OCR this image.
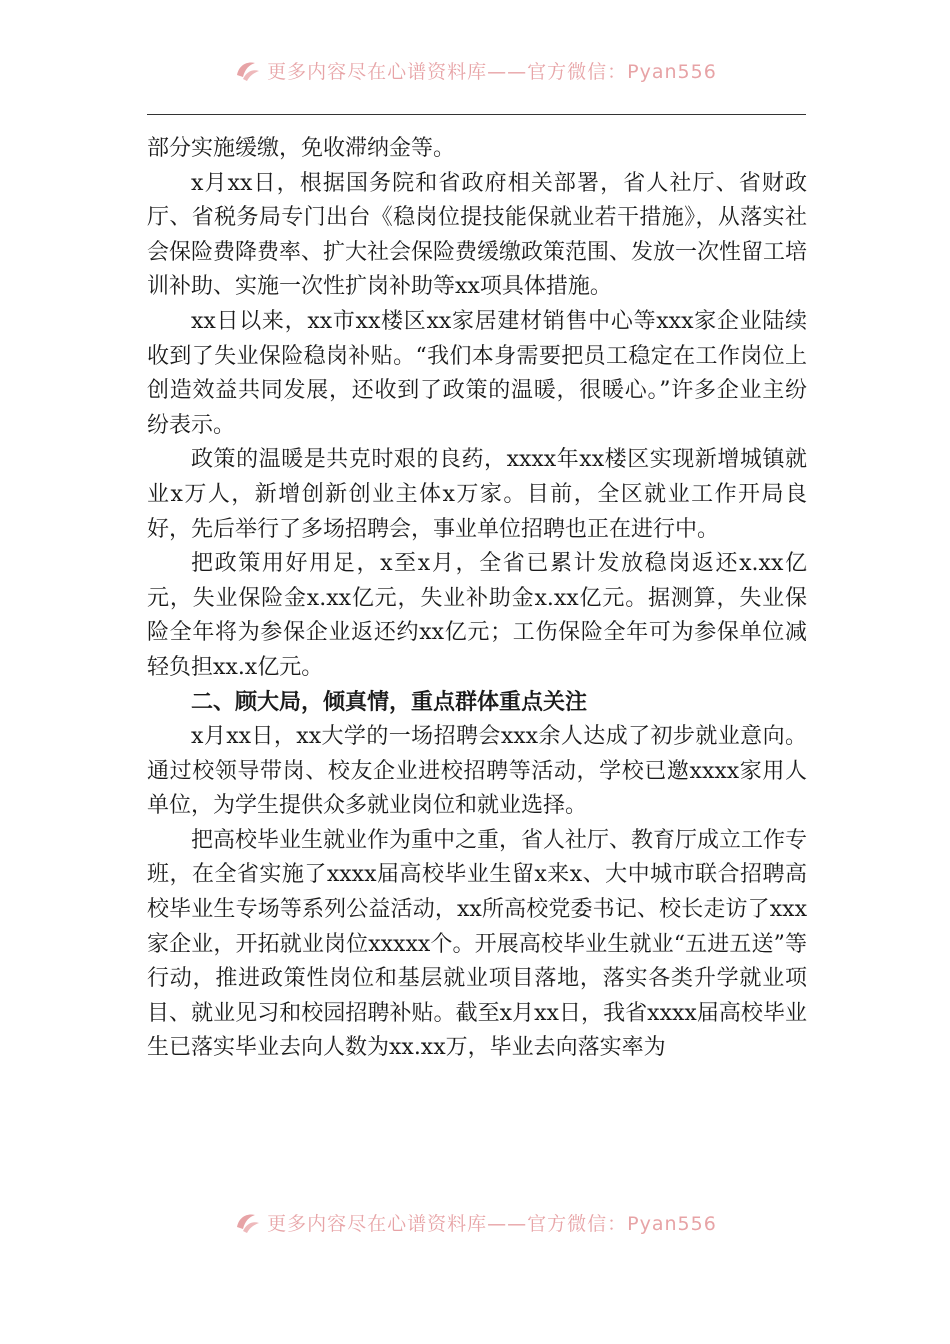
更多内容尽在心谱资料库——官方微信：Pyan556

部分实施缓缴，免收滞纳金等。

x月xx日，根据国务院和省政府相关部署，省人社厅、省财政厅、省税务局专门出台《稳岗位提技能保就业若干措施》，从落实社会保险费降费率、扩大社会保险费缓缴政策范围、发放一次性留工培训补助、实施一次性扩岗补助等xx项具体措施。

xx日以来，xx市xx楼区xx家居建材销售中心等xxx家企业陆续收到了失业保险稳岗补贴。“我们本身需要把员工稳定在工作岗位上创造效益共同发展，还收到了政策的温暖，很暖心。”许多企业主纷纷表示。

政策的温暖是共克时艰的良药，xxxx年xx楼区实现新增城镇就业x万人，新增创新创业主体x万家。目前，全区就业工作开局良好，先后举行了多场招聘会，事业单位招聘也正在进行中。

把政策用好用足，x至x月，全省已累计发放稳岗返还x.xx亿元，失业保险金x.xx亿元，失业补助金x.xx亿元。据测算，失业保险全年将为参保企业返还约xx亿元；工伤保险全年可为参保单位减轻负担xx.x亿元。

二、顾大局，倾真情，重点群体重点关注

x月xx日，xx大学的一场招聘会xxx余人达成了初步就业意向。通过校领导带岗、校友企业进校招聘等活动，学校已邀xxxx家用人单位，为学生提供众多就业岗位和就业选择。

把高校毕业生就业作为重中之重，省人社厅、教育厅成立工作专班，在全省实施了xxxx届高校毕业生留x来x、大中城市联合招聘高校毕业生专场等系列公益活动，xx所高校党委书记、校长走访了xxx家企业，开拓就业岗位xxxxx个。开展高校毕业生就业“五进五送”等行动，推进政策性岗位和基层就业项目落地，落实各类升学就业项目、就业见习和校园招聘补贴。截至x月xx日，我省xxxx届高校毕业生已落实毕业去向人数为xx.xx万，毕业去向落实率为

更多内容尽在心谱资料库——官方微信：Pyan556
